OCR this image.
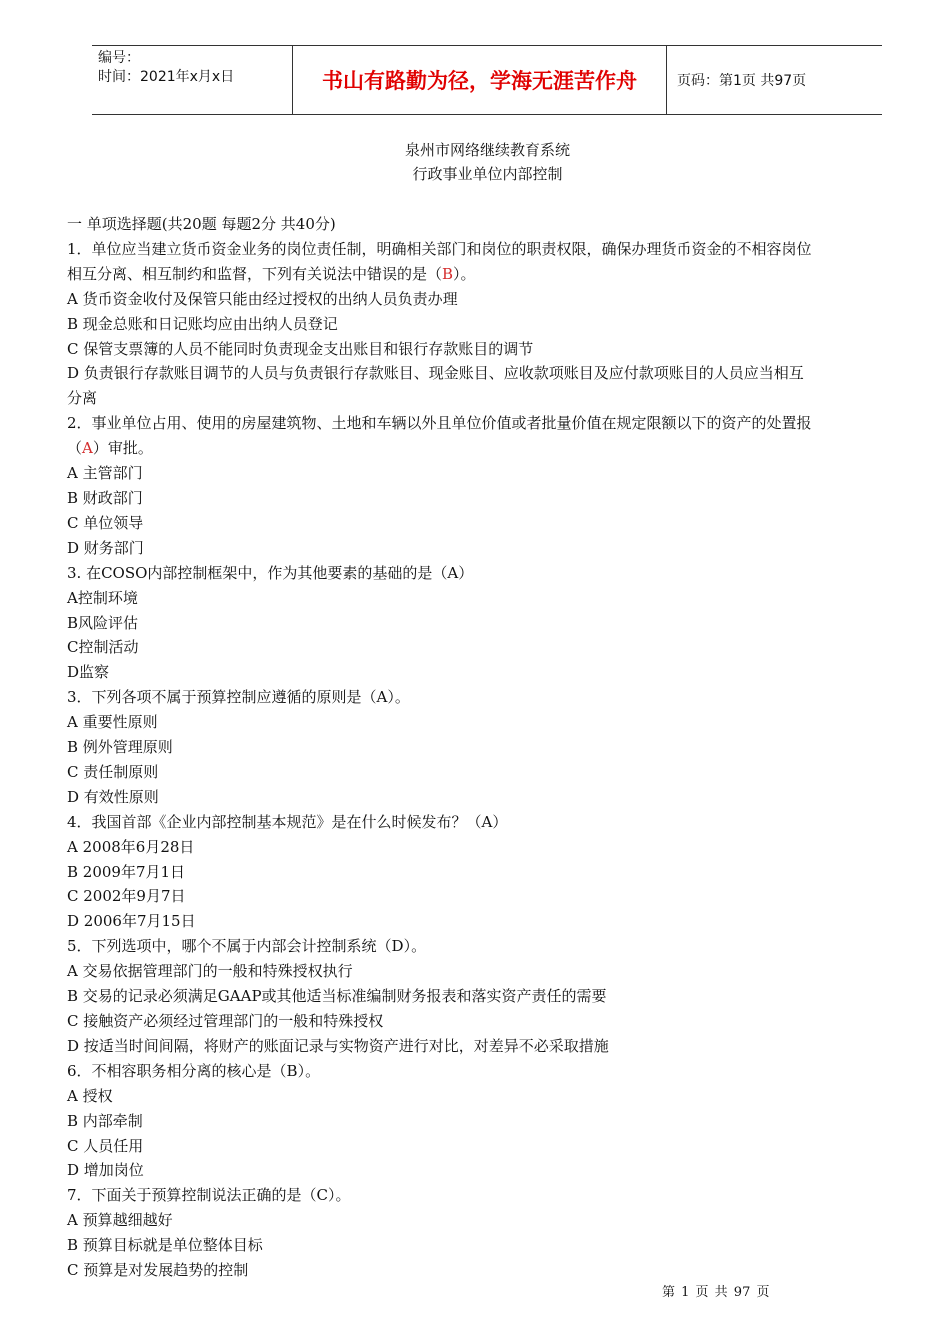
编号：
时间：2021年x月x日	书山有路勤为径，学海无涯苦作舟	页码：第1页 共97页
泉州市网络继续教育系统
行政事业单位内部控制

一 单项选择题(共20题 每题2分 共40分)

1．单位应当建立货币资金业务的岗位责任制，明确相关部门和岗位的职责权限，确保办理货币资金的不相容岗位

相互分离、相互制约和监督，下列有关说法中错误的是（B）。

A 货币资金收付及保管只能由经过授权的出纳人员负责办理

B 现金总账和日记账均应由出纳人员登记

C 保管支票簿的人员不能同时负责现金支出账目和银行存款账目的调节

D 负责银行存款账目调节的人员与负责银行存款账目、现金账目、应收款项账目及应付款项账目的人员应当相互

分离

2．事业单位占用、使用的房屋建筑物、土地和车辆以外且单位价值或者批量价值在规定限额以下的资产的处置报

（A）审批。

A 主管部门

B 财政部门

C 单位领导

D 财务部门

3. 在COSO内部控制框架中，作为其他要素的基础的是（A）

A控制环境

B风险评估

C控制活动

D监察

3．下列各项不属于预算控制应遵循的原则是（A）。

A 重要性原则

B 例外管理原则

C 责任制原则

D 有效性原则

4．我国首部《企业内部控制基本规范》是在什么时候发布？（A）

A 2008年6月28日

B 2009年7月1日

C 2002年9月7日

D 2006年7月15日

5．下列选项中，哪个不属于内部会计控制系统（D）。

A 交易依据管理部门的一般和特殊授权执行

B 交易的记录必须满足GAAP或其他适当标准编制财务报表和落实资产责任的需要

C 接触资产必须经过管理部门的一般和特殊授权

D 按适当时间间隔，将财产的账面记录与实物资产进行对比，对差异不必采取措施

6．不相容职务相分离的核心是（B）。

A 授权

B 内部牵制

C 人员任用

D 增加岗位

7．下面关于预算控制说法正确的是（C）。

A 预算越细越好

B 预算目标就是单位整体目标

C 预算是对发展趋势的控制

第 1 页 共 97 页
